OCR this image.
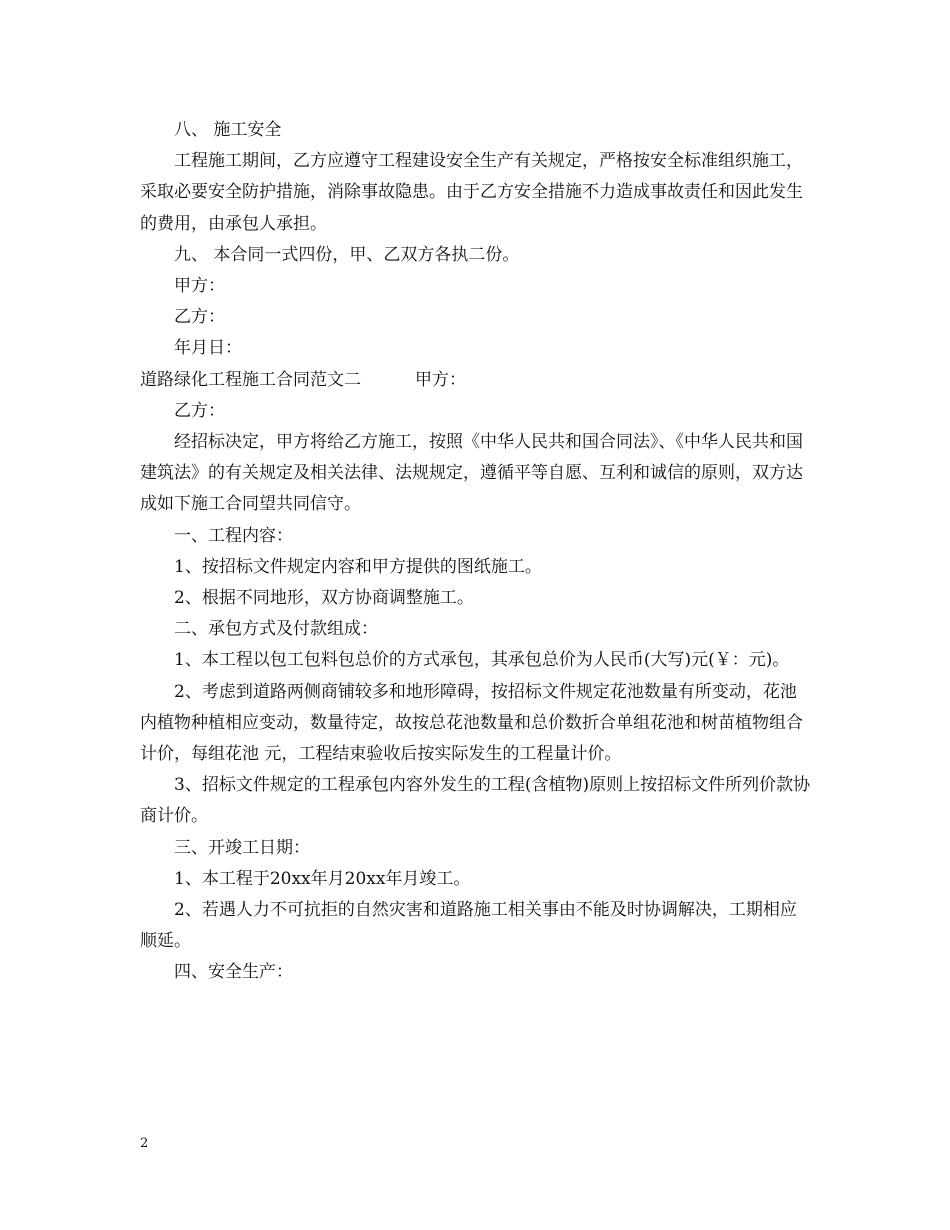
八、 施工安全

工程施工期间，乙方应遵守工程建设安全生产有关规定，严格按安全标准组织施工，采取必要安全防护措施，消除事故隐患。由于乙方安全措施不力造成事故责任和因此发生的费用，由承包人承担。

九、 本合同一式四份，甲、乙双方各执二份。

甲方：

乙方：

年月日：

道路绿化工程施工合同范文二	甲方：

乙方：

经招标决定，甲方将给乙方施工，按照《中华人民共和国合同法》、《中华人民共和国建筑法》的有关规定及相关法律、法规规定，遵循平等自愿、互利和诚信的原则，双方达成如下施工合同望共同信守。

一、工程内容：

1、按招标文件规定内容和甲方提供的图纸施工。

2、根据不同地形，双方协商调整施工。

二、承包方式及付款组成：

1、本工程以包工包料包总价的方式承包，其承包总价为人民币(大写)元(￥：元)。

2、考虑到道路两侧商铺较多和地形障碍，按招标文件规定花池数量有所变动，花池内植物种植相应变动，数量待定，故按总花池数量和总价数折合单组花池和树苗植物组合计价，每组花池 元，工程结束验收后按实际发生的工程量计价。

3、招标文件规定的工程承包内容外发生的工程(含植物)原则上按招标文件所列价款协商计价。

三、开竣工日期：

1、本工程于20xx年月20xx年月竣工。

2、若遇人力不可抗拒的自然灾害和道路施工相关事由不能及时协调解决，工期相应顺延。

四、安全生产：

2
